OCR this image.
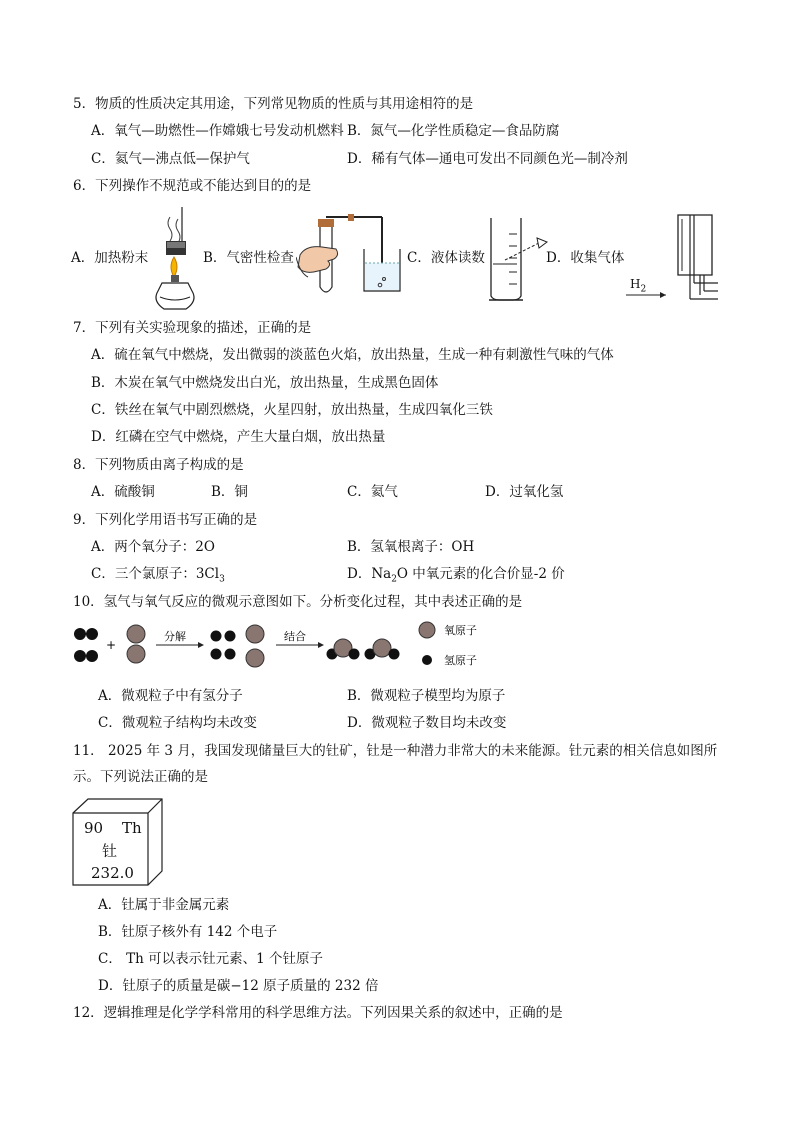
5．物质的性质决定其用途，下列常见物质的性质与其用途相符的是
A．氧气—助燃性—作嫦娥七号发动机燃料 B．氮气—化学性质稳定—食品防腐
C．氦气—沸点低—保护气	D．稀有气体—通电可发出不同颜色光—制冷剂
6．下列操作不规范或不能达到目的的是
A．加热粉末	B．气密性检查	C．液体读数	D．收集气体
$H_2$
7．下列有关实验现象的描述，正确的是
A．硫在氧气中燃烧，发出微弱的淡蓝色火焰，放出热量，生成一种有刺激性气味的气体
B．木炭在氧气中燃烧发出白光，放出热量，生成黑色固体
C．铁丝在氧气中剧烈燃烧，火星四射，放出热量，生成四氧化三铁
D．红磷在空气中燃烧，产生大量白烟，放出热量
8．下列物质由离子构成的是
A．硫酸铜	B．铜	C．氦气	D．过氧化氢
9．下列化学用语书写正确的是
A．两个氧分子：2O	B．氢氧根离子：OH
C．三个氯原子：$3Cl_3$	D．$Na_2O$ 中氧元素的化合价显-2 价
10．氢气与氧气反应的微观示意图如下。分析变化过程，其中表述正确的是
+
分解	结合	氧原子
氢原子
A．微观粒子中有氢分子	B．微观粒子模型均为原子
C．微观粒子结构均未改变	D．微观粒子数目均未改变
11． 2025 年 3 月，我国发现储量巨大的钍矿，钍是一种潜力非常大的未来能源。钍元素的相关信息如图所
示。下列说法正确的是
90 Th
钍
232.0
A．钍属于非金属元素
B．钍原子核外有 142 个电子
C． Th 可以表示钍元素、1 个钍原子
D．钍原子的质量是碳−12 原子质量的 232 倍
12．逻辑推理是化学学科常用的科学思维方法。下列因果关系的叙述中，正确的是
